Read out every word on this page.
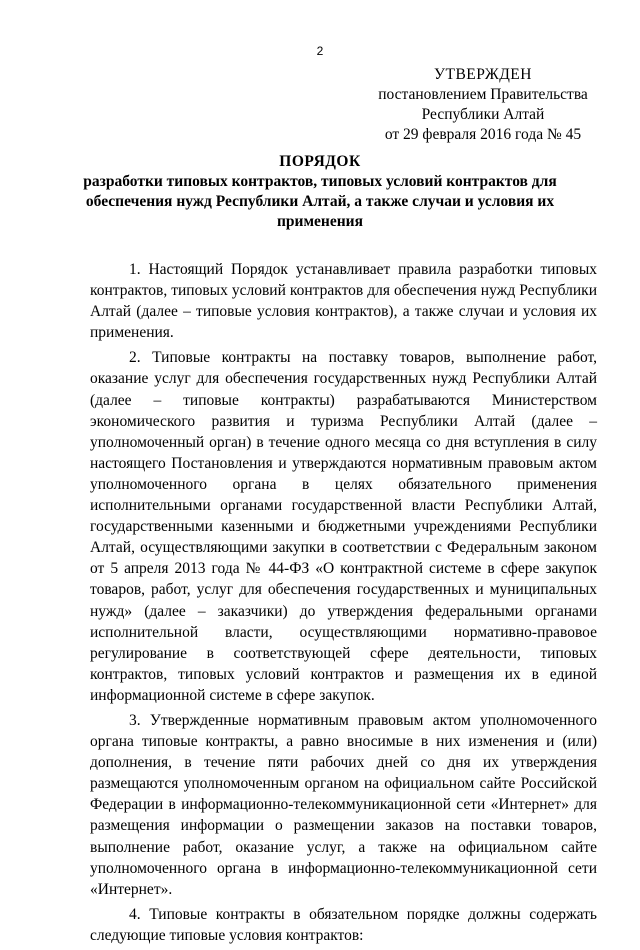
2
УТВЕРЖДЕН
постановлением Правительства
Республики Алтай
от 29 февраля 2016 года № 45
ПОРЯДОК
разработки типовых контрактов, типовых условий контрактов для обеспечения нужд Республики Алтай, а также случаи и условия их применения

1. Настоящий Порядок устанавливает правила разработки типовых контрактов, типовых условий контрактов для обеспечения нужд Республики Алтай (далее – типовые условия контрактов), а также случаи и условия их применения.

2. Типовые контракты на поставку товаров, выполнение работ, оказание услуг для обеспечения государственных нужд Республики Алтай (далее – типовые контракты) разрабатываются Министерством экономического развития и туризма Республики Алтай (далее – уполномоченный орган) в течение одного месяца со дня вступления в силу настоящего Постановления и утверждаются нормативным правовым актом уполномоченного органа в целях обязательного применения исполнительными органами государственной власти Республики Алтай, государственными казенными и бюджетными учреждениями Республики Алтай, осуществляющими закупки в соответствии с Федеральным законом от 5 апреля 2013 года № 44-ФЗ «О контрактной системе в сфере закупок товаров, работ, услуг для обеспечения государственных и муниципальных нужд» (далее – заказчики) до утверждения федеральными органами исполнительной власти, осуществляющими нормативно-правовое регулирование в соответствующей сфере деятельности, типовых контрактов, типовых условий контрактов и размещения их в единой информационной системе в сфере закупок.

3. Утвержденные нормативным правовым актом уполномоченного органа типовые контракты, а равно вносимые в них изменения и (или) дополнения, в течение пяти рабочих дней со дня их утверждения размещаются уполномоченным органом на официальном сайте Российской Федерации в информационно-телекоммуникационной сети «Интернет» для размещения информации о размещении заказов на поставки товаров, выполнение работ, оказание услуг, а также на официальном сайте уполномоченного органа в информационно-телекоммуникационной сети «Интернет».

4. Типовые контракты в обязательном порядке должны содержать следующие типовые условия контрактов:
